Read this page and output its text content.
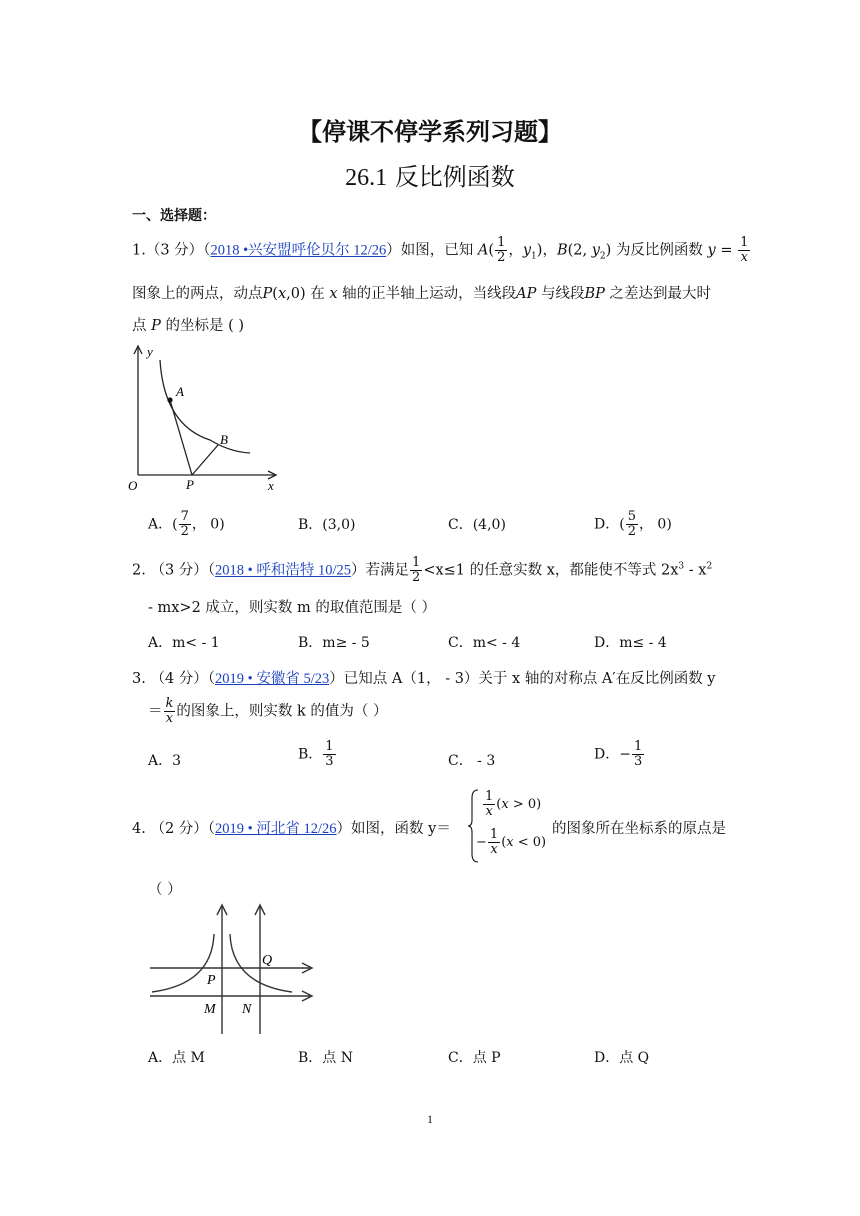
【停课不停学系列习题】
26.1 反比例函数
一、选择题：
1.（3 分）（2018 •兴安盟呼伦贝尔 12/26）如图，已知 $A( \frac{1}{2}$ ，$y_1$)，B(2, $y_2$) 为反比例函数 $y = \frac{1}{x}$
图象上的两点，动点P(x,0) 在 x 轴的正半轴上运动，当线段AP 与线段BP 之差达到最大时
点 P 的坐标是 ( )
y
A
B
O	P	x
A．( $\frac{7}{2}$ ， 0)	B．(3,0)	C．(4,0)	D．( $\frac{5}{2}$ ， 0)
2. （3 分）（2018 • 呼和浩特 10/25）若满足 $\frac{1}{2} <x\le 1$ 的任意实数 x，都能使不等式 $2x^3 - x^2$
- mx>2 成立，则实数 m 的取值范围是（ ）
A．m< - 1	B．m≥ - 5	C．m< - 4	D．m≤ - 4
3. （4 分）（2019 • 安徽省 5/23）已知点 A（1， - 3）关于 x 轴的对称点 A′在反比例函数 y
＝ $\frac{k}{x}$ 的图象上，则实数 k 的值为（ ）
A．3	B． $\frac{1}{3}$	C． - 3	D．− $\frac{1}{3}$
4. （2 分）（2019 • 河北省 12/26）如图，函数 y＝
$\frac{1}{x} (x > 0)$
− $\frac{1}{x} (x < 0)$
的图象所在坐标系的原点是
（ ）
Q
P
M N
A．点 M	B．点 N	C．点 P	D．点 Q
1
